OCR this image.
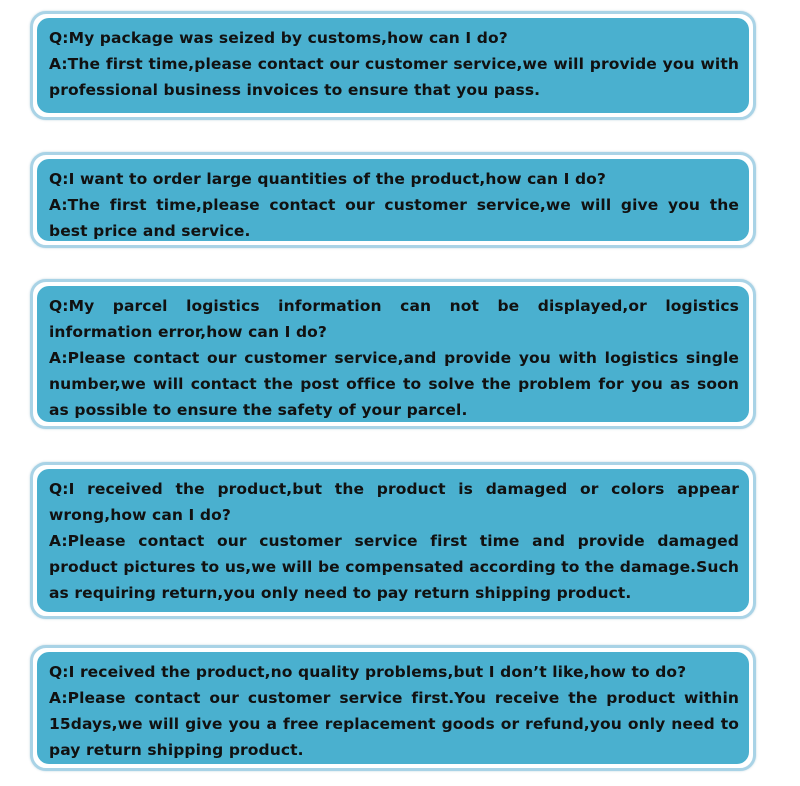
Q:My package was seized by customs,how can I do?
A:The first time,please contact our customer service,we will provide you with professional business invoices to ensure that you pass.
Q:I want to order large quantities of the product,how can I do?
A:The first time,please contact our customer service,we will give you the best price and service.
Q:My parcel logistics information can not be displayed,or logistics information error,how can I do?
A:Please contact our customer service,and provide you with logistics single number,we will contact the post office to solve the problem for you as soon as possible to ensure the safety of your parcel.
Q:I received the product,but the product is damaged or colors appear wrong,how can I do?
A:Please contact our customer service first time and provide damaged product pictures to us,we will be compensated according to the damage.Such as requiring return,you only need to pay return shipping product.
Q:I received the product,no quality problems,but I don’t like,how to do?
A:Please contact our customer service first.You receive the product within 15days,we will give you a free replacement goods or refund,you only need to pay return shipping product.
